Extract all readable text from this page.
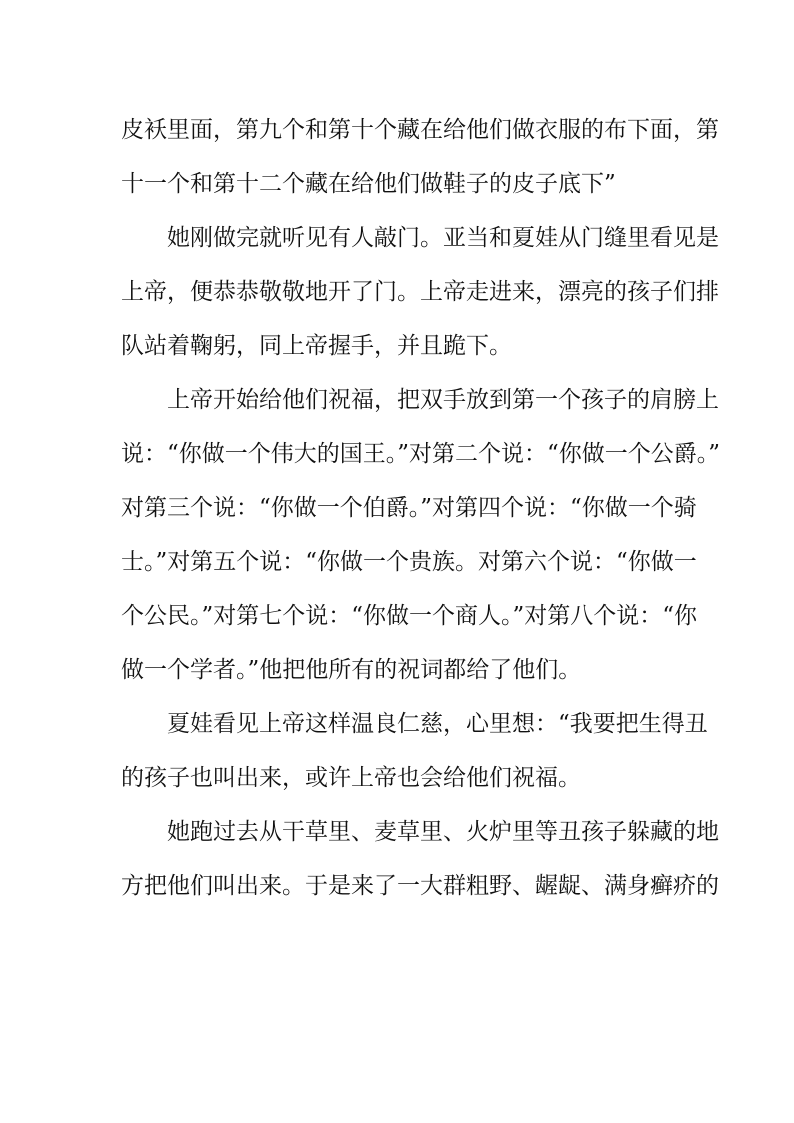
皮袄里面，第九个和第十个藏在给他们做衣服的布下面，第
十一个和第十二个藏在给他们做鞋子的皮子底下”
她刚做完就听见有人敲门。亚当和夏娃从门缝里看见是
上帝，便恭恭敬敬地开了门。上帝走进来，漂亮的孩子们排
队站着鞠躬，同上帝握手，并且跪下。
上帝开始给他们祝福，把双手放到第一个孩子的肩膀上
说：“你做一个伟大的国王。”对第二个说：“你做一个公爵。”
对第三个说：“你做一个伯爵。”对第四个说：“你做一个骑
士。”对第五个说：“你做一个贵族。对第六个说：“你做一
个公民。”对第七个说：“你做一个商人。”对第八个说：“你
做一个学者。”他把他所有的祝词都给了他们。
夏娃看见上帝这样温良仁慈，心里想：“我要把生得丑
的孩子也叫出来，或许上帝也会给他们祝福。
她跑过去从干草里、麦草里、火炉里等丑孩子躲藏的地
方把他们叫出来。于是来了一大群粗野、龌龊、满身癣疥的
